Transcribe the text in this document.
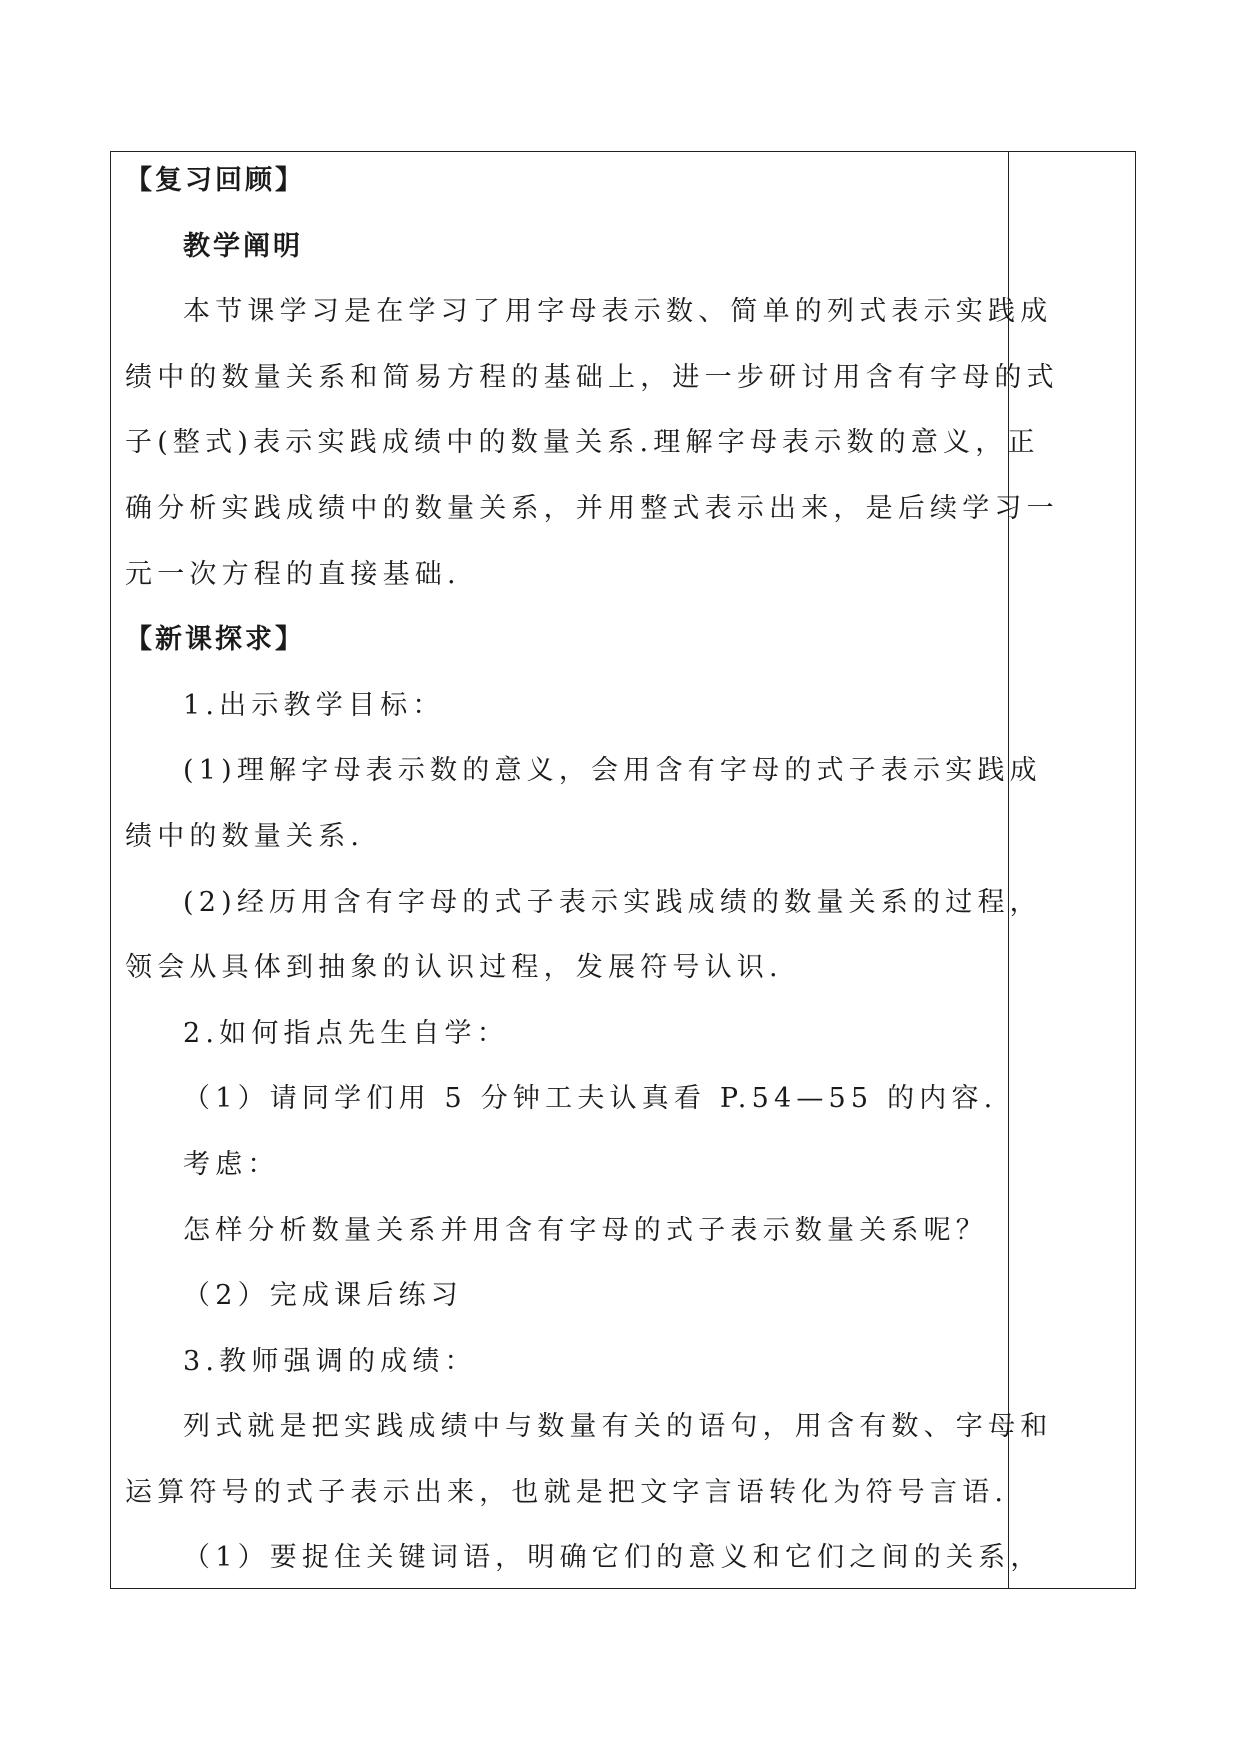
【复习回顾】
教学阐明
本节课学习是在学习了用字母表示数、简单的列式表示实践成
绩中的数量关系和简易方程的基础上，进一步研讨用含有字母的式
子(整式)表示实践成绩中的数量关系.理解字母表示数的意义，正
确分析实践成绩中的数量关系，并用整式表示出来，是后续学习一
元一次方程的直接基础.
【新课探求】
1.出示教学目标：
(1)理解字母表示数的意义，会用含有字母的式子表示实践成
绩中的数量关系.
(2)经历用含有字母的式子表示实践成绩的数量关系的过程，
领会从具体到抽象的认识过程，发展符号认识.
2.如何指点先生自学：
（1）请同学们用 5 分钟工夫认真看 P.54—55 的内容.
考虑：
怎样分析数量关系并用含有字母的式子表示数量关系呢？
（2）完成课后练习
3.教师强调的成绩：
列式就是把实践成绩中与数量有关的语句，用含有数、字母和
运算符号的式子表示出来，也就是把文字言语转化为符号言语.
（1）要捉住关键词语，明确它们的意义和它们之间的关系，
